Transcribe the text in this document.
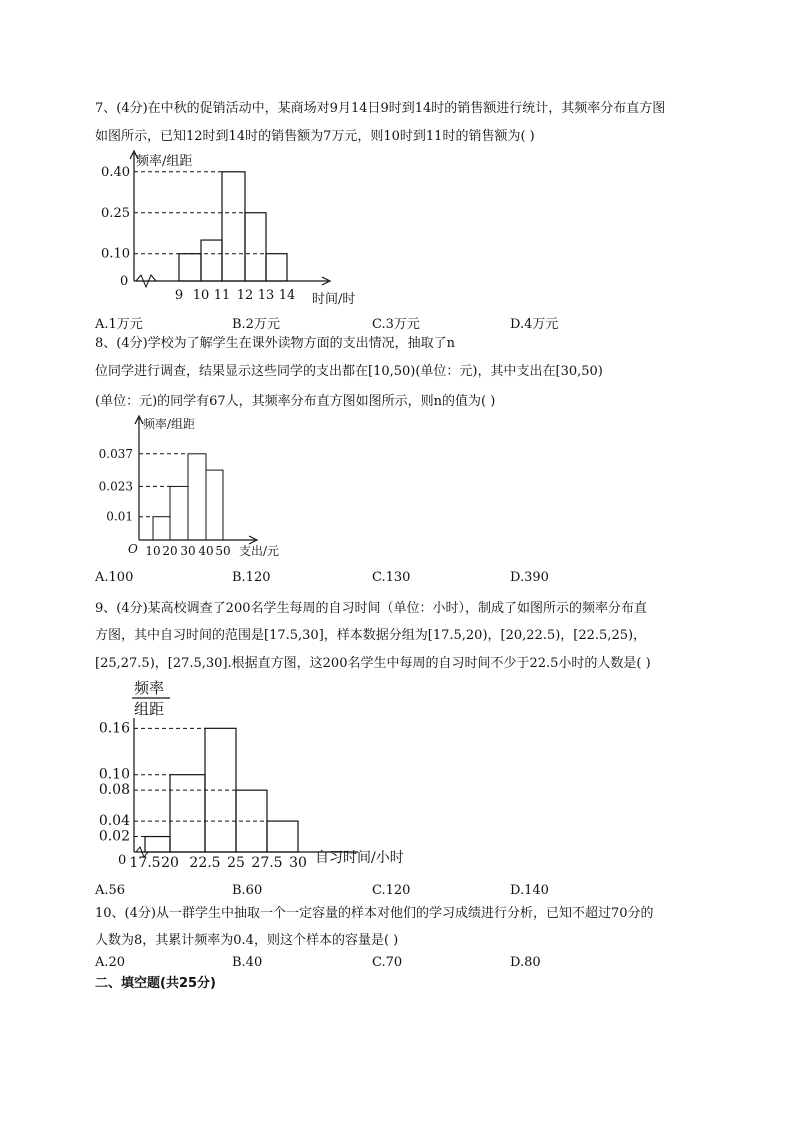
7、(4分)在中秋的促销活动中，某商场对9月14日9时到14时的销售额进行统计，其频率分布直方图
如图所示，已知12时到14时的销售额为7万元，则10时到11时的销售额为( )
频率/组距
时间/时
0
0.10
0.25
0.40
9 10 11 12 13 14
A.1万元	B.2万元	C.3万元	D.4万元
8、(4分)学校为了解学生在课外读物方面的支出情况，抽取了n
位同学进行调查，结果显示这些同学的支出都在[10,50)(单位：元)，其中支出在[30,50)
(单位：元)的同学有67人，其频率分布直方图如图所示，则n的值为( )
频率/组距
支出/元
O
0.01
0.023
0.037
10 20 30 40 50
A.100	B.120	C.130	D.390
9、(4分)某高校调查了200名学生每周的自习时间（单位：小时），制成了如图所示的频率分布直
方图，其中自习时间的范围是[17.5,30]，样本数据分组为[17.5,20)，[20,22.5)，[22.5,25)，
[25,27.5)，[27.5,30].根据直方图，这200名学生中每周的自习时间不少于22.5小时的人数是( )
频率
组距
自习时间/小时
0
0.02
0.04
0.08
0.10
0.16
17.5 20 22.5 25 27.5 30
A.56	B.60	C.120	D.140
10、(4分)从一群学生中抽取一个一定容量的样本对他们的学习成绩进行分析，已知不超过70分的
人数为8，其累计频率为0.4，则这个样本的容量是( )
A.20	B.40	C.70	D.80
二、填空题(共25分)
